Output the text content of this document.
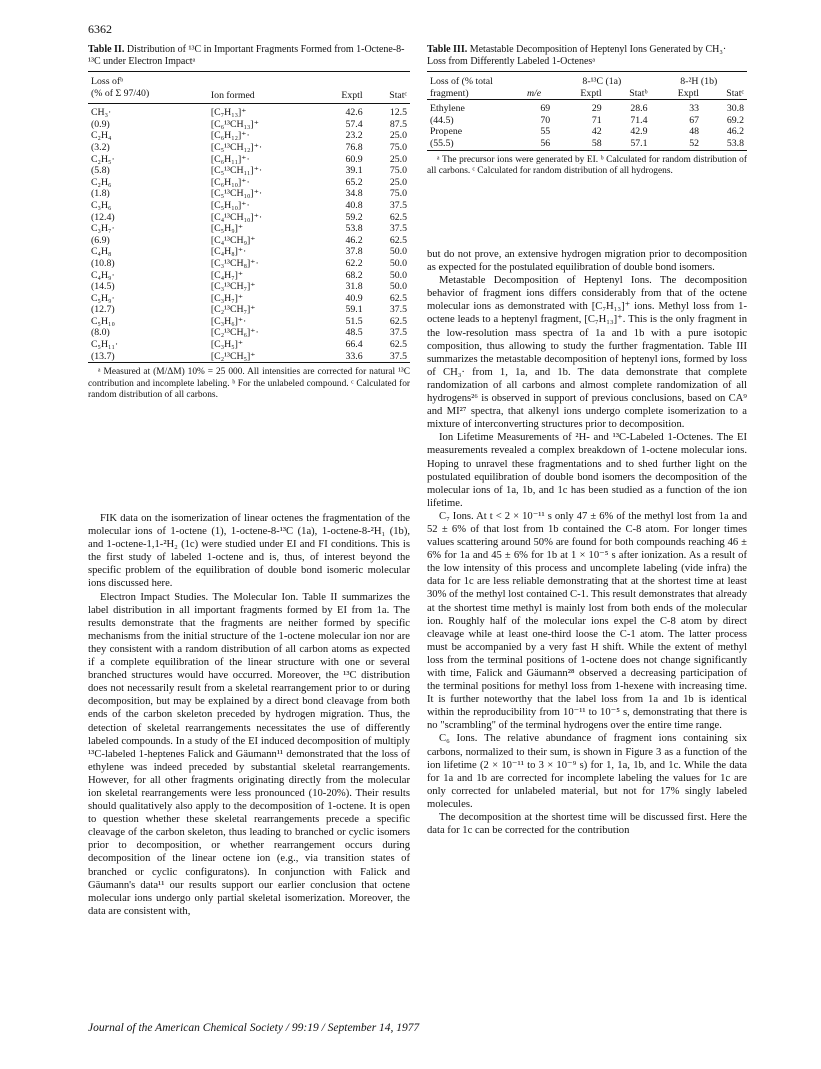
6362
Table II. Distribution of ¹³C in Important Fragments Formed from 1-Octene-8-¹³C under Electron Impactᵃ
Loss ofᵇ			
(% of Σ 97/40)	Ion formed	Exptl	Statᶜ

CH₃·	[C₇H₁₃]⁺	42.6	12.5
(0.9)	[C₆¹³CH₁₃]⁺	57.4	87.5
C₂H₄	[C₆H₁₂]⁺·	23.2	25.0
(3.2)	[C₅¹³CH₁₂]⁺·	76.8	75.0
C₂H₅·	[C₆H₁₁]⁺·	60.9	25.0
(5.8)	[C₅¹³CH₁₁]⁺·	39.1	75.0
C₂H₆	[C₆H₁₀]⁺·	65.2	25.0
(1.8)	[C₅¹³CH₁₀]⁺·	34.8	75.0
C₃H₆	[C₅H₁₀]⁺·	40.8	37.5
(12.4)	[C₄¹³CH₁₀]⁺·	59.2	62.5
C₃H₇·	[C₅H₉]⁺	53.8	37.5
(6.9)	[C₄¹³CH₉]⁺	46.2	62.5
C₄H₈	[C₄H₈]⁺·	37.8	50.0
(10.8)	[C₃¹³CH₈]⁺·	62.2	50.0
C₄H₉·	[C₄H₇]⁺	68.2	50.0
(14.5)	[C₃¹³CH₇]⁺	31.8	50.0
C₅H₉·	[C₃H₇]⁺	40.9	62.5
(12.7)	[C₂¹³CH₇]⁺	59.1	37.5
C₅H₁₀	[C₃H₆]⁺·	51.5	62.5
(8.0)	[C₂¹³CH₆]⁺·	48.5	37.5
C₅H₁₁·	[C₃H₅]⁺	66.4	62.5
(13.7)	[C₂¹³CH₅]⁺	33.6	37.5
ᵃ Measured at (M/ΔM) 10% = 25 000. All intensities are corrected for natural ¹³C contribution and incomplete labeling. ᵇ For the unlabeled compound. ᶜ Calculated for random distribution of all carbons.
Table III. Metastable Decomposition of Heptenyl Ions Generated by CH₃· Loss from Differently Labeled 1-Octenesᵃ
Loss of (% total fragment)		8-¹³C (1a)		8-²H (1b)	
	m/e	Exptl	Statᵇ	Exptl	Statᶜ

Ethylene	69	29	28.6	33	30.8
(44.5)	70	71	71.4	67	69.2
Propene	55	42	42.9	48	46.2
(55.5)	56	58	57.1	52	53.8
ᵃ The precursor ions were generated by EI. ᵇ Calculated for random distribution of all carbons. ᶜ Calculated for random distribution of all hydrogens.

FIK data on the isomerization of linear octenes the fragmentation of the molecular ions of 1-octene (1), 1-octene-8-¹³C (1a), 1-octene-8-²H₁ (1b), and 1-octene-1,1-²H₂ (1c) were studied under EI and FI conditions. This is the first study of labeled 1-octene and is, thus, of interest beyond the specific problem of the equilibration of double bond isomeric molecular ions discussed here.

Electron Impact Studies. The Molecular Ion. Table II summarizes the label distribution in all important fragments formed by EI from 1a. The results demonstrate that the fragments are neither formed by specific mechanisms from the initial structure of the 1-octene molecular ion nor are they consistent with a random distribution of all carbon atoms as expected if a complete equilibration of the linear structure with one or several branched structures would have occurred. Moreover, the ¹³C distribution does not necessarily result from a skeletal rearrangement prior to or during decomposition, but may be explained by a direct bond cleavage from both ends of the carbon skeleton preceded by hydrogen migration. Thus, the detection of skeletal rearrangements necessitates the use of differently labeled compounds. In a study of the EI induced decomposition of multiply ¹³C-labeled 1-heptenes Falick and Gäumann¹¹ demonstrated that the loss of ethylene was indeed preceded by substantial skeletal rearrangements. However, for all other fragments originating directly from the molecular ion skeletal rearrangements were less pronounced (10-20%). Their results should qualitatively also apply to the decomposition of 1-octene. It is open to question whether these skeletal rearrangements precede a specific cleavage of the carbon skeleton, thus leading to branched or cyclic isomers prior to decomposition, or whether rearrangement occurs during decomposition of the linear octene ion (e.g., via transition states of branched or cyclic configuratons). In conjunction with Falick and Gäumann's data¹¹ our results support our earlier conclusion that octene molecular ions undergo only partial skeletal isomerization. Moreover, the data are consistent with,

but do not prove, an extensive hydrogen migration prior to decomposition as expected for the postulated equilibration of double bond isomers.

Metastable Decomposition of Heptenyl Ions. The decomposition behavior of fragment ions differs considerably from that of the octene molecular ions as demonstrated with [C₇H₁₃]⁺ ions. Methyl loss from 1-octene leads to a heptenyl fragment, [C₇H₁₃]⁺. This is the only fragment in the low-resolution mass spectra of 1a and 1b with a pure isotopic composition, thus allowing to study the further fragmentation. Table III summarizes the metastable decomposition of heptenyl ions, formed by loss of CH₃· from 1, 1a, and 1b. The data demonstrate that complete randomization of all carbons and almost complete randomization of all hydrogens²⁶ is observed in support of previous conclusions, based on CA⁹ and MI²⁷ spectra, that alkenyl ions undergo complete isomerization to a mixture of interconverting structures prior to decomposition.

Ion Lifetime Measurements of ²H- and ¹³C-Labeled 1-Octenes. The EI measurements revealed a complex breakdown of 1-octene molecular ions. Hoping to unravel these fragmentations and to shed further light on the postulated equilibration of double bond isomers the decomposition of the molecular ions of 1a, 1b, and 1c has been studied as a function of the ion lifetime.

C₇ Ions. At t < 2 × 10⁻¹¹ s only 47 ± 6% of the methyl lost from 1a and 52 ± 6% of that lost from 1b contained the C-8 atom. For longer times values scattering around 50% are found for both compounds reaching 46 ± 6% for 1a and 45 ± 6% for 1b at 1 × 10⁻⁵ s after ionization. As a result of the low intensity of this process and uncomplete labeling (vide infra) the data for 1c are less reliable demonstrating that at the shortest time at least 30% of the methyl lost contained C-1. This result demonstrates that already at the shortest time methyl is mainly lost from both ends of the molecular ion. Roughly half of the molecular ions expel the C-8 atom by direct cleavage while at least one-third loose the C-1 atom. The latter process must be accompanied by a very fast H shift. While the extent of methyl loss from the terminal positions of 1-octene does not change significantly with time, Falick and Gäumann²⁸ observed a decreasing participation of the terminal positions for methyl loss from 1-hexene with increasing time. It is further noteworthy that the label loss from 1a and 1b is identical within the reproducibility from 10⁻¹¹ to 10⁻⁵ s, demonstrating that there is no "scrambling" of the terminal hydrogens over the entire time range.

C₆ Ions. The relative abundance of fragment ions containing six carbons, normalized to their sum, is shown in Figure 3 as a function of the ion lifetime (2 × 10⁻¹¹ to 3 × 10⁻⁹ s) for 1, 1a, 1b, and 1c. While the data for 1a and 1b are corrected for incomplete labeling the values for 1c are only corrected for unlabeled material, but not for 17% singly labeled molecules.

The decomposition at the shortest time will be discussed first. Here the data for 1c can be corrected for the contribution

Journal of the American Chemical Society / 99:19 / September 14, 1977
